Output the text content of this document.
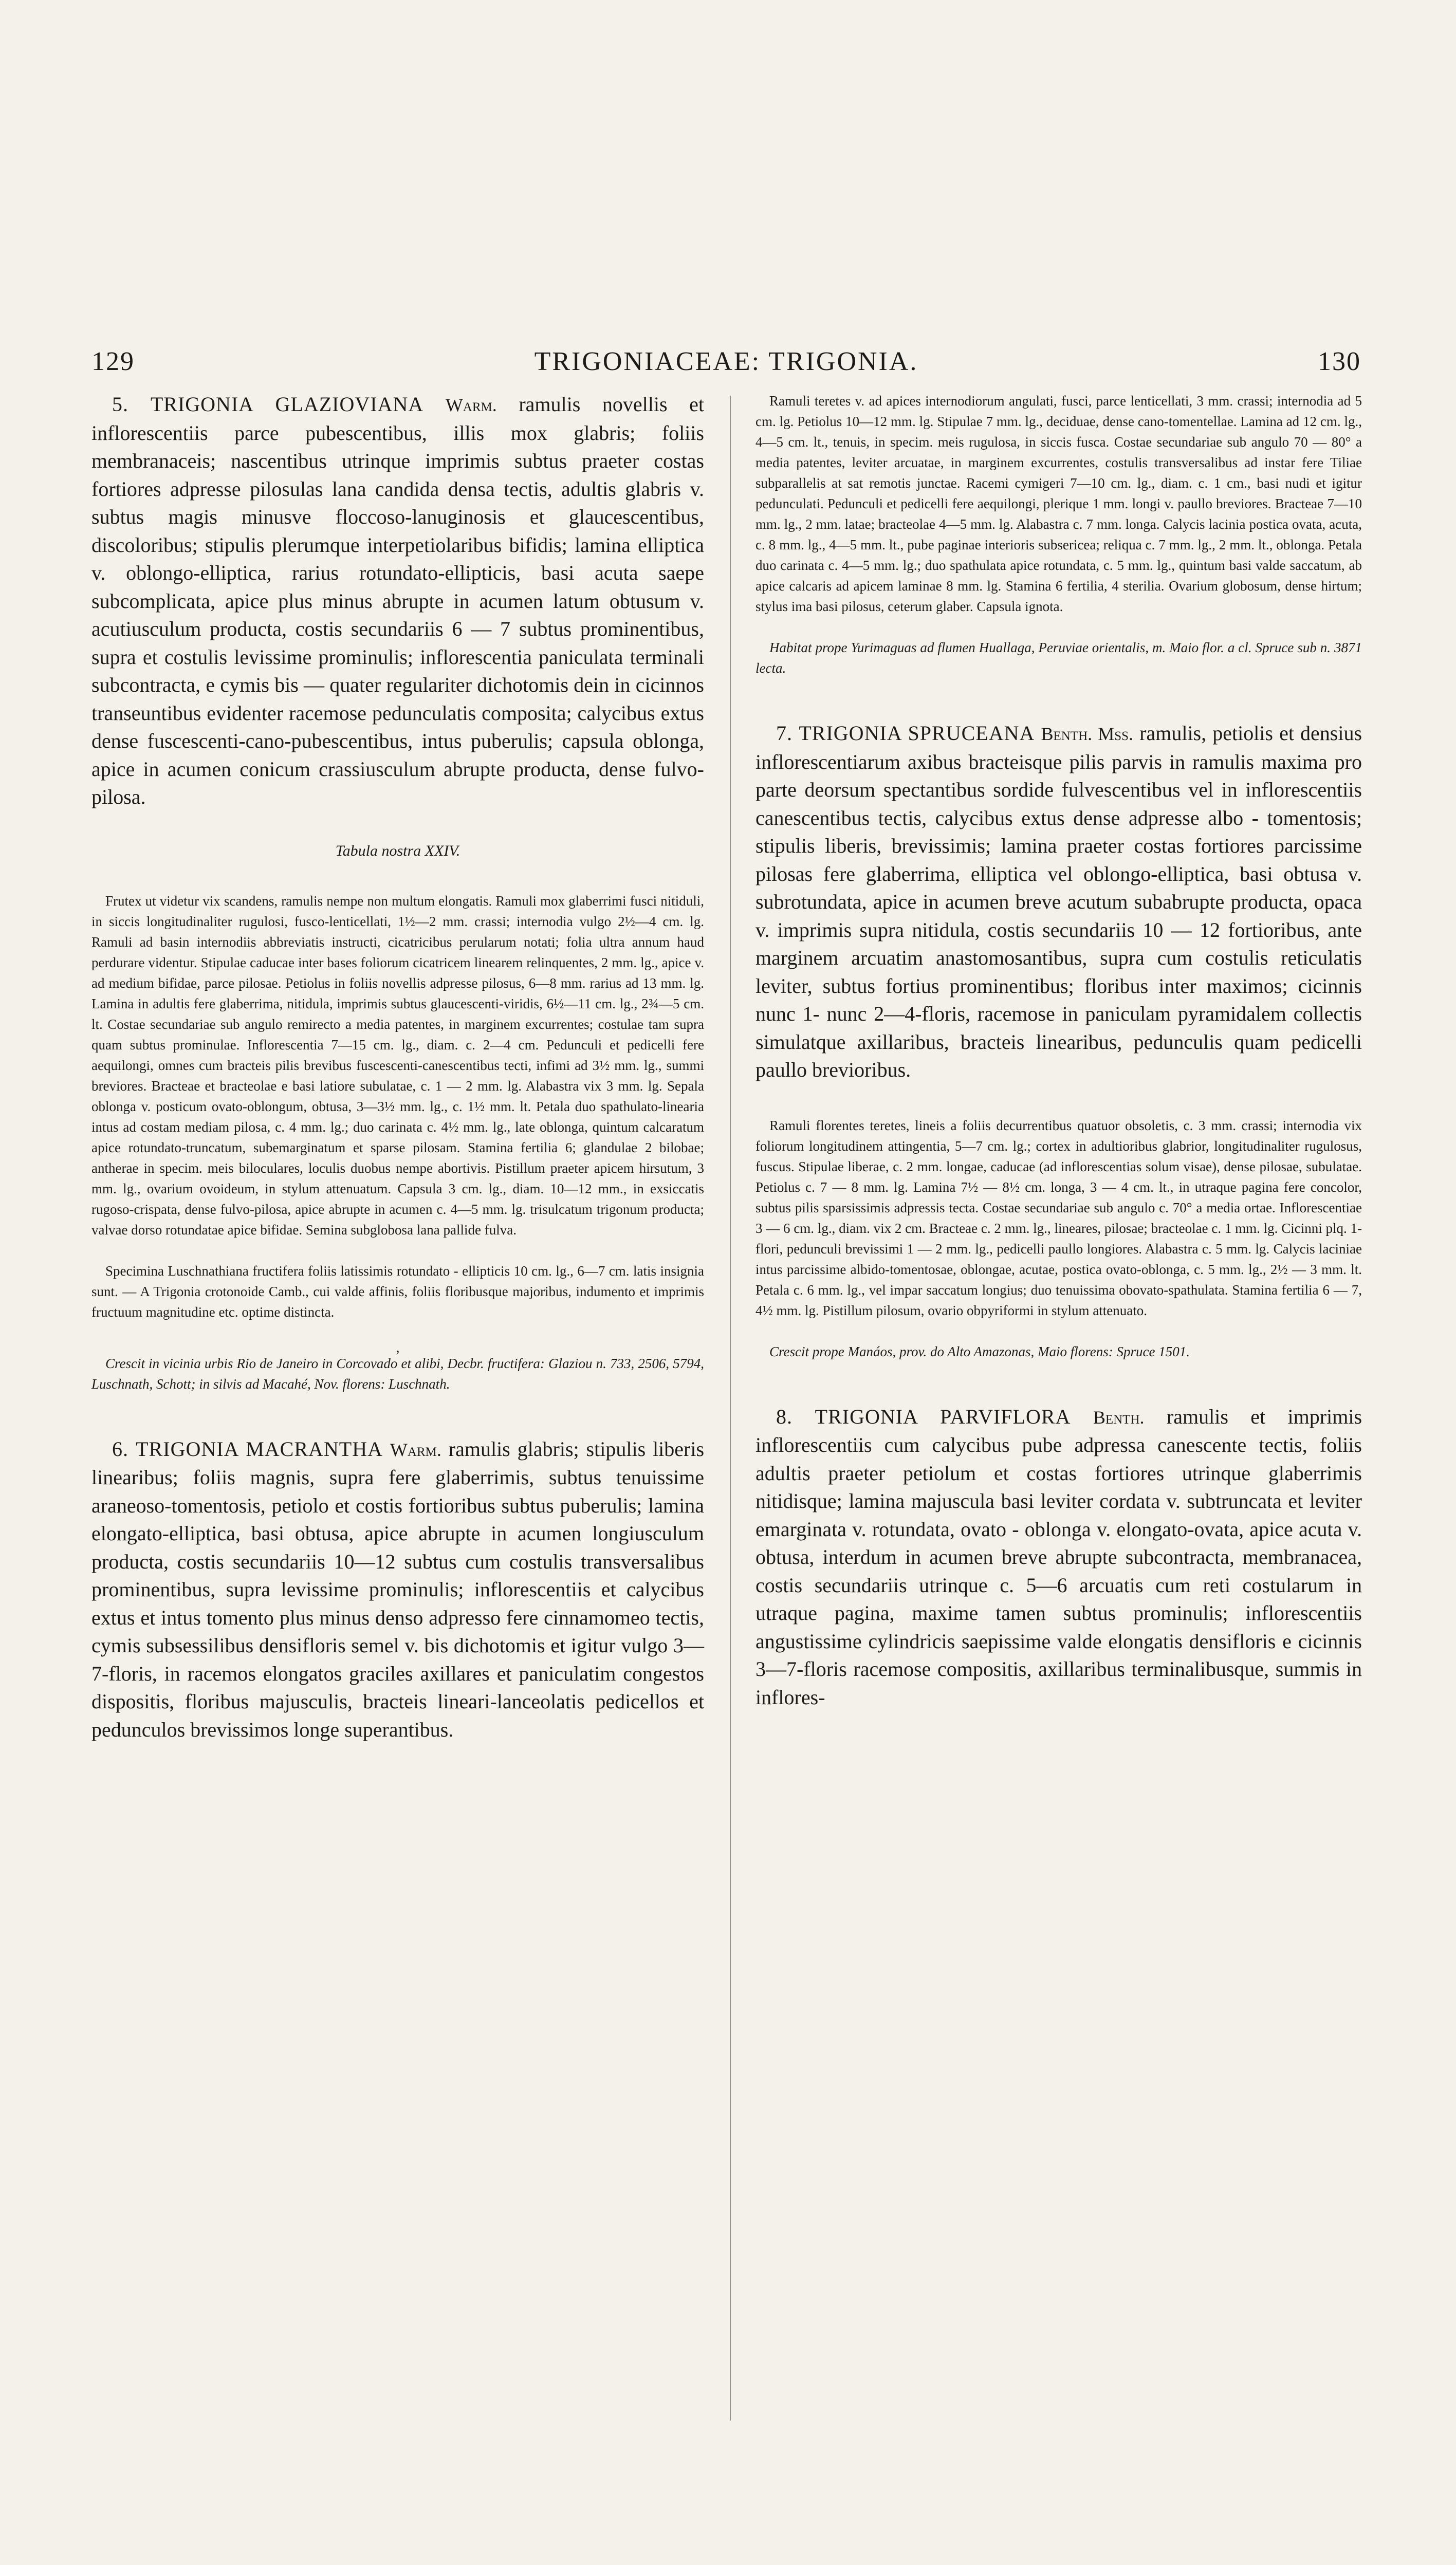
129	TRIGONIACEAE: TRIGONIA.	130

 5. TRIGONIA GLAZIOVIANA Warm. ramulis novellis et inflorescentiis parce pubescentibus, illis mox glabris; foliis membranaceis; nascentibus utrinque imprimis subtus praeter costas fortiores adpresse pilosulas lana candida densa tectis, adultis glabris v. subtus magis minusve floccoso-lanuginosis et glaucescentibus, discoloribus; stipulis plerumque interpetiolaribus bifidis; lamina elliptica v. oblongo-elliptica, rarius rotundato-ellipticis, basi acuta saepe subcomplicata, apice plus minus abrupte in acumen latum obtusum v. acutiusculum producta, costis secundariis 6 — 7 subtus prominentibus, supra et costulis levissime prominulis; inflorescentia paniculata terminali subcontracta, e cymis bis — quater regulariter dichotomis dein in cicinnos transeuntibus evidenter racemose pedunculatis composita; calycibus extus dense fuscescenti-cano-pubescentibus, intus puberulis; capsula oblonga, apice in acumen conicum crassiusculum abrupte producta, dense fulvo-pilosa.

Tabula nostra XXIV.

 Frutex ut videtur vix scandens, ramulis nempe non multum elongatis. Ramuli mox glaberrimi fusci nitiduli, in siccis longitudinaliter rugulosi, fusco-lenticellati, 1½—2 mm. crassi; internodia vulgo 2½—4 cm. lg. Ramuli ad basin internodiis abbreviatis instructi, cicatricibus perularum notati; folia ultra annum haud perdurare videntur. Stipulae caducae inter bases foliorum cicatricem linearem relinquentes, 2 mm. lg., apice v. ad medium bifidae, parce pilosae. Petiolus in foliis novellis adpresse pilosus, 6—8 mm. rarius ad 13 mm. lg. Lamina in adultis fere glaberrima, nitidula, imprimis subtus glaucescenti-viridis, 6½—11 cm. lg., 2¾—5 cm. lt. Costae secundariae sub angulo remirecto a media patentes, in marginem excurrentes; costulae tam supra quam subtus prominulae. Inflorescentia 7—15 cm. lg., diam. c. 2—4 cm. Pedunculi et pedicelli fere aequilongi, omnes cum bracteis pilis brevibus fuscescenti-canescentibus tecti, infimi ad 3½ mm. lg., summi breviores. Bracteae et bracteolae e basi latiore subulatae, c. 1 — 2 mm. lg. Alabastra vix 3 mm. lg. Sepala oblonga v. posticum ovato-oblongum, obtusa, 3—3½ mm. lg., c. 1½ mm. lt. Petala duo spathulato-linearia intus ad costam mediam pilosa, c. 4 mm. lg.; duo carinata c. 4½ mm. lg., late oblonga, quintum calcaratum apice rotundato-truncatum, subemarginatum et sparse pilosam. Stamina fertilia 6; glandulae 2 bilobae; antherae in specim. meis biloculares, loculis duobus nempe abortivis. Pistillum praeter apicem hirsutum, 3 mm. lg., ovarium ovoideum, in stylum attenuatum. Capsula 3 cm. lg., diam. 10—12 mm., in exsiccatis rugoso-crispata, dense fulvo-pilosa, apice abrupte in acumen c. 4—5 mm. lg. trisulcatum trigonum producta; valvae dorso rotundatae apice bifidae. Semina subglobosa lana pallide fulva.

 Specimina Luschnathiana fructifera foliis latissimis rotundato - ellipticis 10 cm. lg., 6—7 cm. latis insignia sunt. — A Trigonia crotonoide Camb., cui valde affinis, foliis floribusque majoribus, indumento et imprimis fructuum magnitudine etc. optime distincta.

,

 Crescit in vicinia urbis Rio de Janeiro in Corcovado et alibi, Decbr. fructifera: Glaziou n. 733, 2506, 5794, Luschnath, Schott; in silvis ad Macahé, Nov. florens: Luschnath.

 6. TRIGONIA MACRANTHA Warm. ramulis glabris; stipulis liberis linearibus; foliis magnis, supra fere glaberrimis, subtus tenuissime araneoso-tomentosis, petiolo et costis fortioribus subtus puberulis; lamina elongato-elliptica, basi obtusa, apice abrupte in acumen longiusculum producta, costis secundariis 10—12 subtus cum costulis transversalibus prominentibus, supra levissime prominulis; inflorescentiis et calycibus extus et intus tomento plus minus denso adpresso fere cinnamomeo tectis, cymis subsessilibus densifloris semel v. bis dichotomis et igitur vulgo 3—7-floris, in racemos elongatos graciles axillares et paniculatim congestos dispositis, floribus majusculis, bracteis lineari-lanceolatis pedicellos et pedunculos brevissimos longe superantibus.

 Ramuli teretes v. ad apices internodiorum angulati, fusci, parce lenticellati, 3 mm. crassi; internodia ad 5 cm. lg. Petiolus 10—12 mm. lg. Stipulae 7 mm. lg., deciduae, dense cano-tomentellae. Lamina ad 12 cm. lg., 4—5 cm. lt., tenuis, in specim. meis rugulosa, in siccis fusca. Costae secundariae sub angulo 70 — 80° a media patentes, leviter arcuatae, in marginem excurrentes, costulis transversalibus ad instar fere Tiliae subparallelis at sat remotis junctae. Racemi cymigeri 7—10 cm. lg., diam. c. 1 cm., basi nudi et igitur pedunculati. Pedunculi et pedicelli fere aequilongi, plerique 1 mm. longi v. paullo breviores. Bracteae 7—10 mm. lg., 2 mm. latae; bracteolae 4—5 mm. lg. Alabastra c. 7 mm. longa. Calycis lacinia postica ovata, acuta, c. 8 mm. lg., 4—5 mm. lt., pube paginae interioris subsericea; reliqua c. 7 mm. lg., 2 mm. lt., oblonga. Petala duo carinata c. 4—5 mm. lg.; duo spathulata apice rotundata, c. 5 mm. lg., quintum basi valde saccatum, ab apice calcaris ad apicem laminae 8 mm. lg. Stamina 6 fertilia, 4 sterilia. Ovarium globosum, dense hirtum; stylus ima basi pilosus, ceterum glaber. Capsula ignota.

 Habitat prope Yurimaguas ad flumen Huallaga, Peruviae orientalis, m. Maio flor. a cl. Spruce sub n. 3871 lecta.

 7. TRIGONIA SPRUCEANA Benth. Mss. ramulis, petiolis et densius inflorescentiarum axibus bracteisque pilis parvis in ramulis maxima pro parte deorsum spectantibus sordide fulvescentibus vel in inflorescentiis canescentibus tectis, calycibus extus dense adpresse albo - tomentosis; stipulis liberis, brevissimis; lamina praeter costas fortiores parcissime pilosas fere glaberrima, elliptica vel oblongo-elliptica, basi obtusa v. subrotundata, apice in acumen breve acutum subabrupte producta, opaca v. imprimis supra nitidula, costis secundariis 10 — 12 fortioribus, ante marginem arcuatim anastomosantibus, supra cum costulis reticulatis leviter, subtus fortius prominentibus; floribus inter maximos; cicinnis nunc 1- nunc 2—4-floris, racemose in paniculam pyramidalem collectis simulatque axillaribus, bracteis linearibus, pedunculis quam pedicelli paullo brevioribus.

 Ramuli florentes teretes, lineis a foliis decurrentibus quatuor obsoletis, c. 3 mm. crassi; internodia vix foliorum longitudinem attingentia, 5—7 cm. lg.; cortex in adultioribus glabrior, longitudinaliter rugulosus, fuscus. Stipulae liberae, c. 2 mm. longae, caducae (ad inflorescentias solum visae), dense pilosae, subulatae. Petiolus c. 7 — 8 mm. lg. Lamina 7½ — 8½ cm. longa, 3 — 4 cm. lt., in utraque pagina fere concolor, subtus pilis sparsissimis adpressis tecta. Costae secundariae sub angulo c. 70° a media ortae. Inflorescentiae 3 — 6 cm. lg., diam. vix 2 cm. Bracteae c. 2 mm. lg., lineares, pilosae; bracteolae c. 1 mm. lg. Cicinni plq. 1-flori, pedunculi brevissimi 1 — 2 mm. lg., pedicelli paullo longiores. Alabastra c. 5 mm. lg. Calycis laciniae intus parcissime albido-tomentosae, oblongae, acutae, postica ovato-oblonga, c. 5 mm. lg., 2½ — 3 mm. lt. Petala c. 6 mm. lg., vel impar saccatum longius; duo tenuissima obovato-spathulata. Stamina fertilia 6 — 7, 4½ mm. lg. Pistillum pilosum, ovario obpyriformi in stylum attenuato.

 Crescit prope Manáos, prov. do Alto Amazonas, Maio florens: Spruce 1501.

 8. TRIGONIA PARVIFLORA Benth. ramulis et imprimis inflorescentiis cum calycibus pube adpressa canescente tectis, foliis adultis praeter petiolum et costas fortiores utrinque glaberrimis nitidisque; lamina majuscula basi leviter cordata v. subtruncata et leviter emarginata v. rotundata, ovato - oblonga v. elongato-ovata, apice acuta v. obtusa, interdum in acumen breve abrupte subcontracta, membranacea, costis secundariis utrinque c. 5—6 arcuatis cum reti costularum in utraque pagina, maxime tamen subtus prominulis; inflorescentiis angustissime cylindricis saepissime valde elongatis densifloris e cicinnis 3—7-floris racemose compositis, axillaribus terminalibusque, summis in inflores-
